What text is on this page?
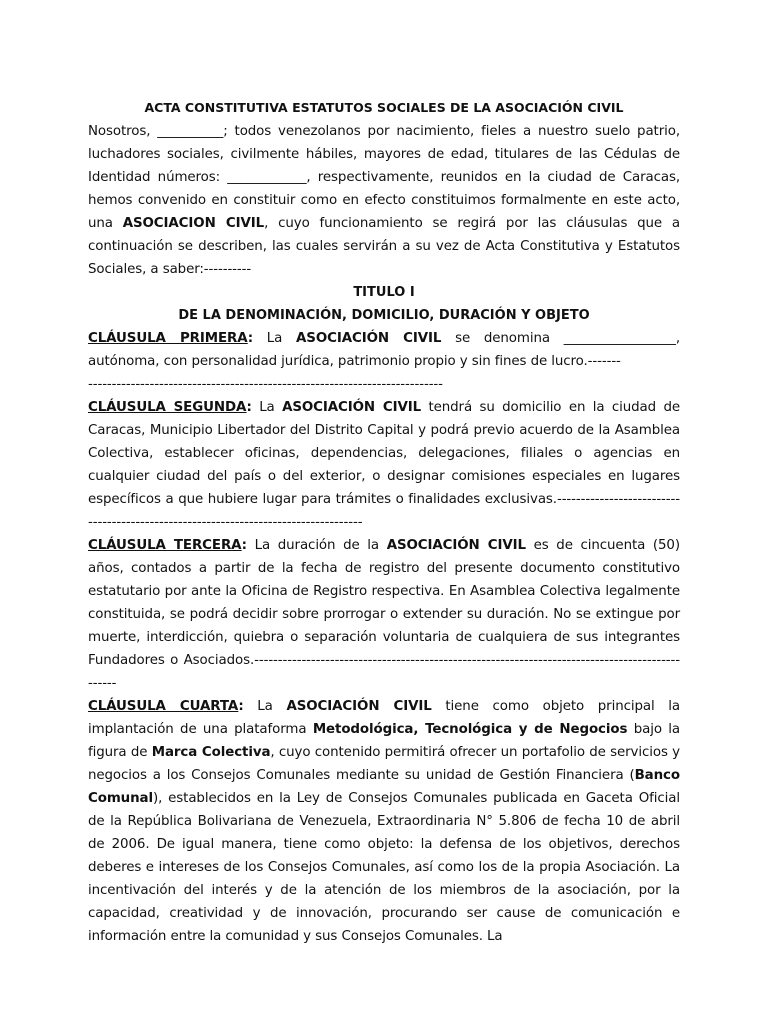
ACTA CONSTITUTIVA ESTATUTOS SOCIALES DE LA ASOCIACIÓN CIVIL

Nosotros, __________; todos venezolanos por nacimiento, fieles a nuestro suelo patrio, luchadores sociales, civilmente hábiles, mayores de edad, titulares de las Cédulas de Identidad números: ____________, respectivamente, reunidos en la ciudad de Caracas, hemos convenido en constituir como en efecto constituimos formalmente en este acto, una ASOCIACION CIVIL, cuyo funcionamiento se regirá por las cláusulas que a continuación se describen, las cuales servirán a su vez de Acta Constitutiva y Estatutos Sociales, a saber:----------

TITULO I

DE LA DENOMINACIÓN, DOMICILIO, DURACIÓN Y OBJETO

CLÁUSULA PRIMERA: La ASOCIACIÓN CIVIL se denomina _________________, autónoma, con personalidad jurídica, patrimonio propio y sin fines de lucro.-------

---------------------------------------------------------------------------

CLÁUSULA SEGUNDA: La ASOCIACIÓN CIVIL tendrá su domicilio en la ciudad de Caracas, Municipio Libertador del Distrito Capital y podrá previo acuerdo de la Asamblea Colectiva, establecer oficinas, dependencias, delegaciones, filiales o agencias en cualquier ciudad del país o del exterior, o designar comisiones especiales en lugares específicos a que hubiere lugar para trámites o finalidades exclusivas.------------------------------------------------------------------------------------

CLÁUSULA TERCERA: La duración de la ASOCIACIÓN CIVIL es de cincuenta (50) años, contados a partir de la fecha de registro del presente documento constitutivo estatutario por ante la Oficina de Registro respectiva. En Asamblea Colectiva legalmente constituida, se podrá decidir sobre prorrogar o extender su duración. No se extingue por muerte, interdicción, quiebra o separación voluntaria de cualquiera de sus integrantes Fundadores o Asociados.------------------------------------------------------------------------------------------------

CLÁUSULA CUARTA: La ASOCIACIÓN CIVIL tiene como objeto principal la implantación de una plataforma Metodológica, Tecnológica y de Negocios bajo la figura de Marca Colectiva, cuyo contenido permitirá ofrecer un portafolio de servicios y negocios a los Consejos Comunales mediante su unidad de Gestión Financiera (Banco Comunal), establecidos en la Ley de Consejos Comunales publicada en Gaceta Oficial de la República Bolivariana de Venezuela, Extraordinaria N° 5.806 de fecha 10 de abril de 2006. De igual manera, tiene como objeto: la defensa de los objetivos, derechos deberes e intereses de los Consejos Comunales, así como los de la propia Asociación. La incentivación del interés y de la atención de los miembros de la asociación, por la capacidad, creatividad y de innovación, procurando ser cause de comunicación e información entre la comunidad y sus Consejos Comunales. La
